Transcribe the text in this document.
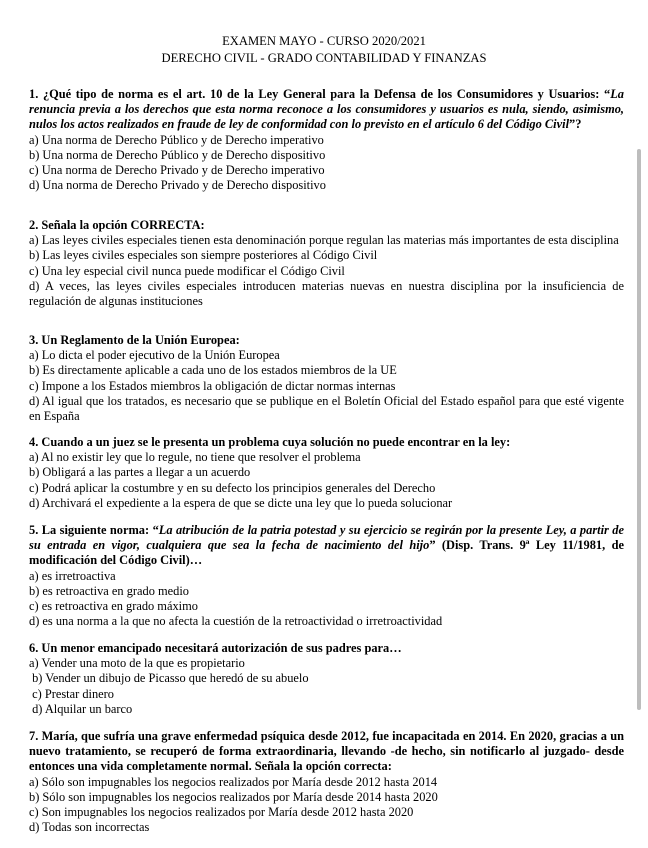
EXAMEN MAYO - CURSO 2020/2021
DERECHO CIVIL - GRADO CONTABILIDAD Y FINANZAS
1. ¿Qué tipo de norma es el art. 10 de la Ley General para la Defensa de los Consumidores y Usuarios: “La renuncia previa a los derechos que esta norma reconoce a los consumidores y usuarios es nula, siendo, asimismo, nulos los actos realizados en fraude de ley de conformidad con lo previsto en el artículo 6 del Código Civil”?
a) Una norma de Derecho Público y de Derecho imperativo
b) Una norma de Derecho Público y de Derecho dispositivo
c) Una norma de Derecho Privado y de Derecho imperativo
d) Una norma de Derecho Privado y de Derecho dispositivo
2. Señala la opción CORRECTA:
a) Las leyes civiles especiales tienen esta denominación porque regulan las materias más importantes de esta disciplina
b) Las leyes civiles especiales son siempre posteriores al Código Civil
c) Una ley especial civil nunca puede modificar el Código Civil
d) A veces, las leyes civiles especiales introducen materias nuevas en nuestra disciplina por la insuficiencia de regulación de algunas instituciones
3. Un Reglamento de la Unión Europea:
a) Lo dicta el poder ejecutivo de la Unión Europea
b) Es directamente aplicable a cada uno de los estados miembros de la UE
c) Impone a los Estados miembros la obligación de dictar normas internas
d) Al igual que los tratados, es necesario que se publique en el Boletín Oficial del Estado español para que esté vigente en España
4. Cuando a un juez se le presenta un problema cuya solución no puede encontrar en la ley:
a) Al no existir ley que lo regule, no tiene que resolver el problema
b) Obligará a las partes a llegar a un acuerdo
c) Podrá aplicar la costumbre y en su defecto los principios generales del Derecho
d) Archivará el expediente a la espera de que se dicte una ley que lo pueda solucionar
5. La siguiente norma: “La atribución de la patria potestad y su ejercicio se regirán por la presente Ley, a partir de su entrada en vigor, cualquiera que sea la fecha de nacimiento del hijo” (Disp. Trans. 9ª Ley 11/1981, de modificación del Código Civil)…
a) es irretroactiva
b) es retroactiva en grado medio
c) es retroactiva en grado máximo
d) es una norma a la que no afecta la cuestión de la retroactividad o irretroactividad
6. Un menor emancipado necesitará autorización de sus padres para…
a) Vender una moto de la que es propietario
b) Vender un dibujo de Picasso que heredó de su abuelo
c) Prestar dinero
d) Alquilar un barco
7. María, que sufría una grave enfermedad psíquica desde 2012, fue incapacitada en 2014. En 2020, gracias a un nuevo tratamiento, se recuperó de forma extraordinaria, llevando -de hecho, sin notificarlo al juzgado- desde entonces una vida completamente normal. Señala la opción correcta:
a) Sólo son impugnables los negocios realizados por María desde 2012 hasta 2014
b) Sólo son impugnables los negocios realizados por María desde 2014 hasta 2020
c) Son impugnables los negocios realizados por María desde 2012 hasta 2020
d) Todas son incorrectas
